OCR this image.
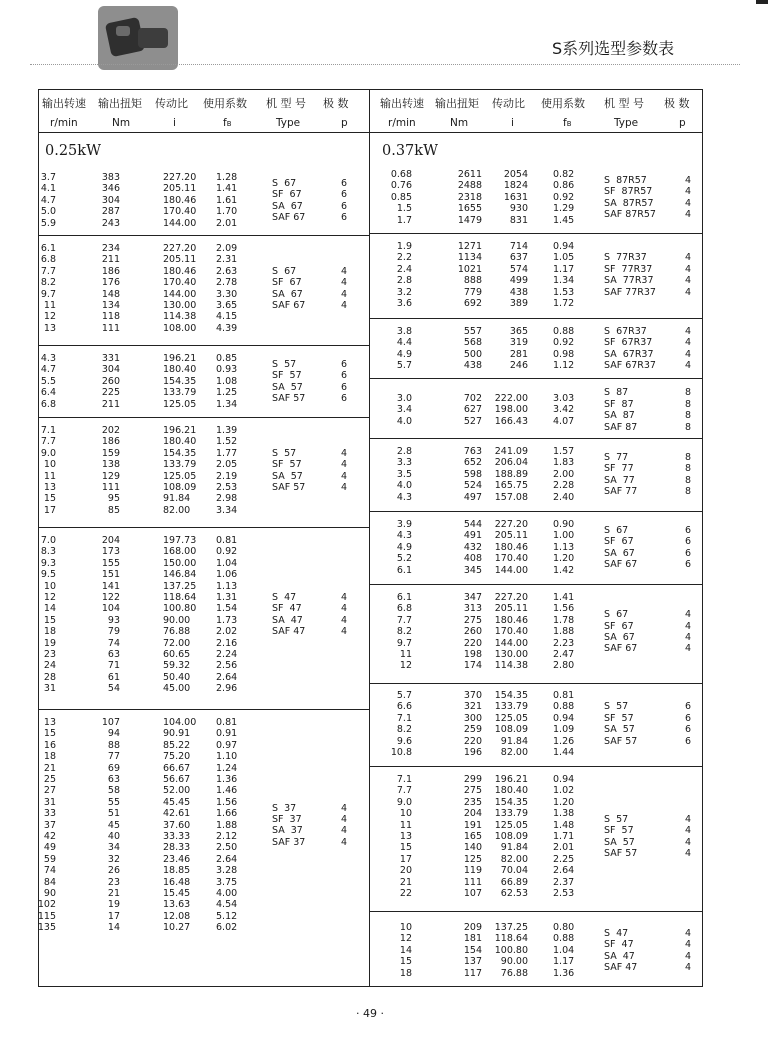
S系列选型参数表
输出转速 输出扭矩 传动比 使用系数 机 型 号 极 数
r/min	Nm	i	fB	Type	p
0.25kW
3.7	383	227.20 1.28
4.1	346	205.11 1.41
4.7	304	180.46 1.61
5.0	287	170.40 1.70
5.9	243	144.00 2.01
S  67	6
SF  67	6
SA  67	6
SAF 67	6
6.1	234	227.20 2.09
6.8	211	205.11 2.31
7.7	186	180.46 2.63
8.2	176	170.40 2.78
9.7	148	144.00 3.30
11	134	130.00 3.65
12	118	114.38 4.15
13	111	108.00 4.39
S  67	4
SF  67	4
SA  67	4
SAF 67	4
4.3	331	196.21 0.85
4.7	304	180.40 0.93
5.5	260	154.35 1.08
6.4	225	133.79 1.25
6.8	211	125.05 1.34
S  57	6
SF  57	6
SA  57	6
SAF 57	6
7.1	202	196.21 1.39
7.7	186	180.40 1.52
9.0	159	154.35 1.77
10	138	133.79 2.05
11	129	125.05 2.19
13	111	108.09 2.53
15	95	91.84	2.98
17	85	82.00	3.34
S  57	4
SF  57	4
SA  57	4
SAF 57	4
7.0	204	197.73 0.81
8.3	173	168.00 0.92
9.3	155	150.00 1.04
9.5	151	146.84 1.06
10	141	137.25 1.13
12	122	118.64 1.31
14	104	100.80 1.54
15	93	90.00	1.73
18	79	76.88	2.02
19	74	72.00	2.16
23	63	60.65	2.24
24	71	59.32	2.56
28	61	50.40	2.64
31	54	45.00	2.96
S  47	4
SF  47	4
SA  47	4
SAF 47	4
13	107	104.00 0.81
15	94	90.91	0.91
16	88	85.22	0.97
18	77	75.20	1.10
21	69	66.67	1.24
25	63	56.67	1.36
27	58	52.00	1.46
31	55	45.45	1.56
33	51	42.61	1.66
37	45	37.60	1.88
42	40	33.33	2.12
49	34	28.33	2.50
59	32	23.46	2.64
74	26	18.85	3.28
84	23	16.48	3.75
90	21	15.45	4.00
102	19	13.63	4.54
115	17	12.08	5.12
135	14	10.27	6.02
S  37	4
SF  37	4
SA  37	4
SAF 37	4
输出转速 输出扭矩 传动比 使用系数 机 型 号 极 数
r/min	Nm	i	fB	Type	p
0.37kW
0.68	2611 2054	0.82
0.76	2488 1824	0.86
0.85	2318 1631	0.92
1.5	1655	930	1.29
1.7	1479	831	1.45
S  87R57	4
SF  87R57	4
SA  87R57	4
SAF 87R57	4
1.9	1271	714	0.94
2.2	1134	637	1.05
2.4	1021	574	1.17
2.8	888	499	1.34
3.2	779	438	1.53
3.6	692	389	1.72
S  77R37	4
SF  77R37	4
SA  77R37	4
SAF 77R37	4
3.8	557	365	0.88
4.4	568	319	0.92
4.9	500	281	0.98
5.7	438	246	1.12
S  67R37	4
SF  67R37	4
SA  67R37	4
SAF 67R37	4
3.0	702 222.00	3.03
3.4	627 198.00	3.42
4.0	527 166.43	4.07
S  87	8
SF  87	8
SA  87	8
SAF 87	8
2.8	763 241.09	1.57
3.3	652 206.04	1.83
3.5	598 188.89	2.00
4.0	524 165.75	2.28
4.3	497 157.08	2.40
S  77	8
SF  77	8
SA  77	8
SAF 77	8
3.9	544 227.20	0.90
4.3	491 205.11	1.00
4.9	432 180.46	1.13
5.2	408 170.40	1.20
6.1	345 144.00	1.42
S  67	6
SF  67	6
SA  67	6
SAF 67	6
6.1	347 227.20	1.41
6.8	313 205.11	1.56
7.7	275 180.46	1.78
8.2	260 170.40	1.88
9.7	220 144.00	2.23
11	198 130.00	2.47
12	174 114.38	2.80
S  67	4
SF  67	4
SA  67	4
SAF 67	4
5.7	370 154.35	0.81
6.6	321 133.79	0.88
7.1	300 125.05	0.94
8.2	259 108.09	1.09
9.6	220 91.84	1.26
10.8	196 82.00	1.44
S  57	6
SF  57	6
SA  57	6
SAF 57	6
7.1	299 196.21	0.94
7.7	275 180.40	1.02
9.0	235 154.35	1.20
10	204 133.79	1.38
11	191 125.05	1.48
13	165 108.09	1.71
15	140 91.84	2.01
17	125 82.00	2.25
20	119 70.04	2.64
21	111 66.89	2.37
22	107 62.53	2.53
S  57	4
SF  57	4
SA  57	4
SAF 57	4
10	209 137.25	0.80
12	181 118.64	0.88
14	154 100.80	1.04
15	137 90.00	1.17
18	117 76.88	1.36
S  47	4
SF  47	4
SA  47	4
SAF 47	4
· 49 ·
